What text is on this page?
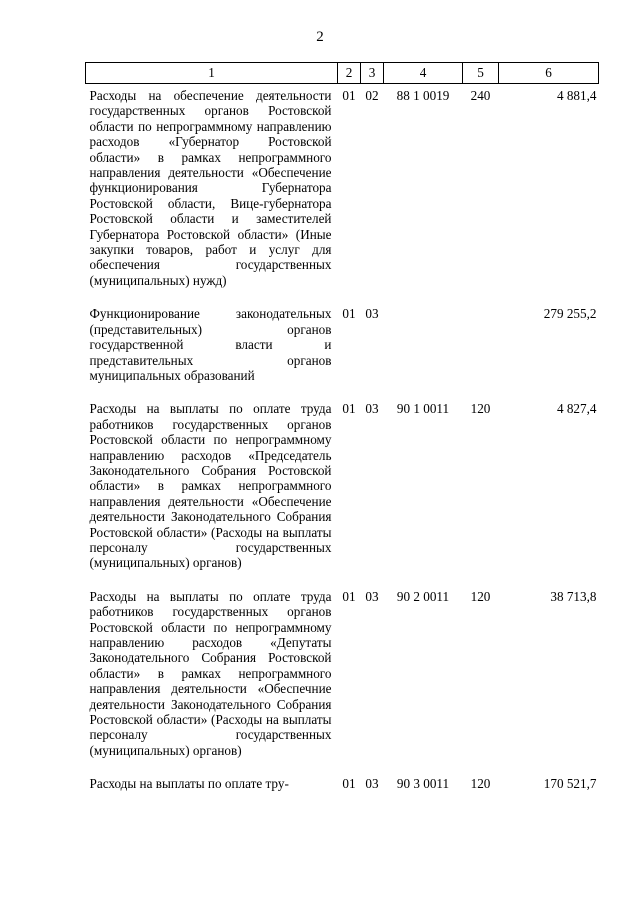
2
1	2	3	4	5	6
Расходы на обеспечение деятельности государственных органов Ростовской области по непрограммному направлению расходов «Губернатор Ростовской области» в рамках непрограммного направления деятельности «Обеспечение функционирования Губернатора Ростовской области, Вице-губернатора Ростовской области и заместителей Губернатора Ростовской области» (Иные закупки товаров, работ и услуг для обеспечения государственных (муниципальных) нужд)	01	02	88 1 0019	240	4 881,4
Функционирование законодательных (представительных) органов государственной власти и представительных органов муниципальных образований	01	03			279 255,2
Расходы на выплаты по оплате труда работников государственных органов Ростовской области по непрограммному направлению расходов «Председатель Законодательного Собрания Ростовской области» в рамках непрограммного направления деятельности «Обеспечение деятельности Законодательного Собрания Ростовской области» (Расходы на выплаты персоналу государственных (муниципальных) органов)	01	03	90 1 0011	120	4 827,4
Расходы на выплаты по оплате труда работников государственных органов Ростовской области по непрограммному направлению расходов «Депутаты Законодательного Собрания Ростовской области» в рамках непрограммного направления деятельности «Обеспечние деятельности Законодательного Собрания Ростовской области» (Расходы на выплаты персоналу государственных (муниципальных) органов)	01	03	90 2 0011	120	38 713,8
Расходы на выплаты по оплате тру-	01	03	90 3 0011	120	170 521,7
